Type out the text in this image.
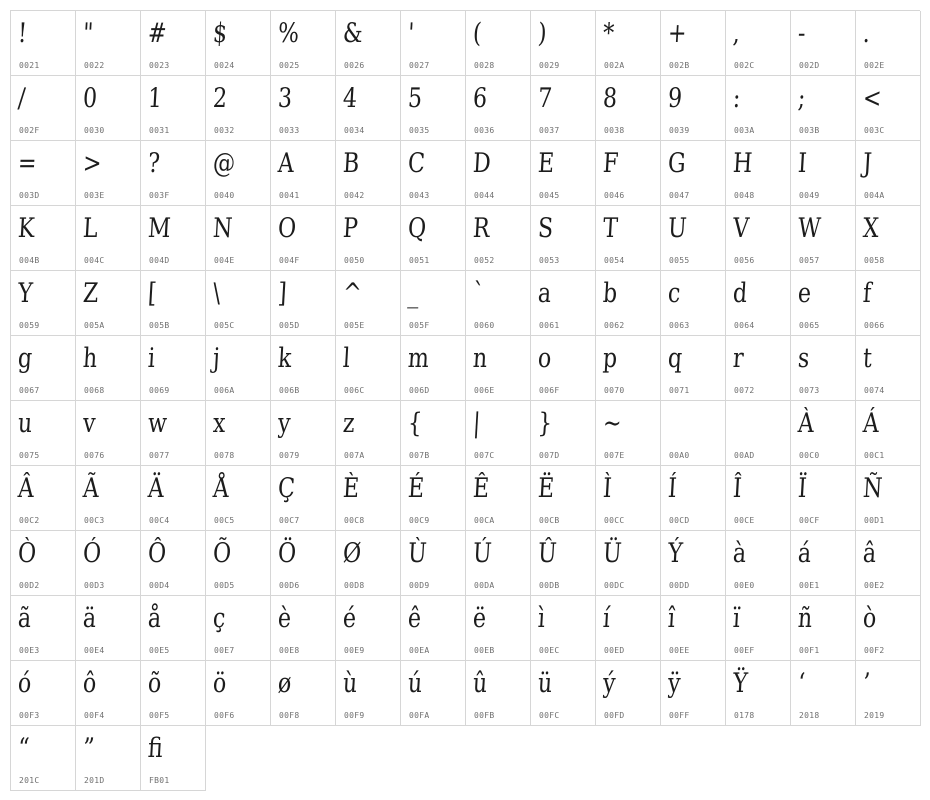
!
0021
"
0022
#
0023
$
0024
%
0025
&
0026
'
0027
(
0028
)
0029
*
002A
+
002B
,
002C
-
002D
.
002E
/
002F
0
0030
1
0031
2
0032
3
0033
4
0034
5
0035
6
0036
7
0037
8
0038
9
0039
:
003A
;
003B
<
003C
=
003D
>
003E
?
003F
@
0040
A
0041
B
0042
C
0043
D
0044
E
0045
F
0046
G
0047
H
0048
I
0049
J
004A
K
004B
L
004C
M
004D
N
004E
O
004F
P
0050
Q
0051
R
0052
S
0053
T
0054
U
0055
V
0056
W
0057
X
0058
Y
0059
Z
005A
[
005B
\
005C
]
005D
^
005E
_
005F
`
0060
a
0061
b
0062
c
0063
d
0064
e
0065
f
0066
g
0067
h
0068
i
0069
j
006A
k
006B
l
006C
m
006D
n
006E
o
006F
p
0070
q
0071
r
0072
s
0073
t
0074
u
0075
v
0076
w
0077
x
0078
y
0079
z
007A
{
007B
|
007C
}
007D
~
007E	00A0	00AD
À
00C0
Á
00C1
Â
00C2
Ã
00C3
Ä
00C4
Å
00C5
Ç
00C7
È
00C8
É
00C9
Ê
00CA
Ë
00CB
Ì
00CC
Í
00CD
Î
00CE
Ï
00CF
Ñ
00D1
Ò
00D2
Ó
00D3
Ô
00D4
Õ
00D5
Ö
00D6
Ø
00D8
Ù
00D9
Ú
00DA
Û
00DB
Ü
00DC
Ý
00DD
à
00E0
á
00E1
â
00E2
ã
00E3
ä
00E4
å
00E5
ç
00E7
è
00E8
é
00E9
ê
00EA
ë
00EB
ì
00EC
í
00ED
î
00EE
ï
00EF
ñ
00F1
ò
00F2
ó
00F3
ô
00F4
õ
00F5
ö
00F6
ø
00F8
ù
00F9
ú
00FA
û
00FB
ü
00FC
ý
00FD
ÿ
00FF
Ÿ
0178
‘
2018
’
2019
“
201C
”
201D
ﬁ
FB01
